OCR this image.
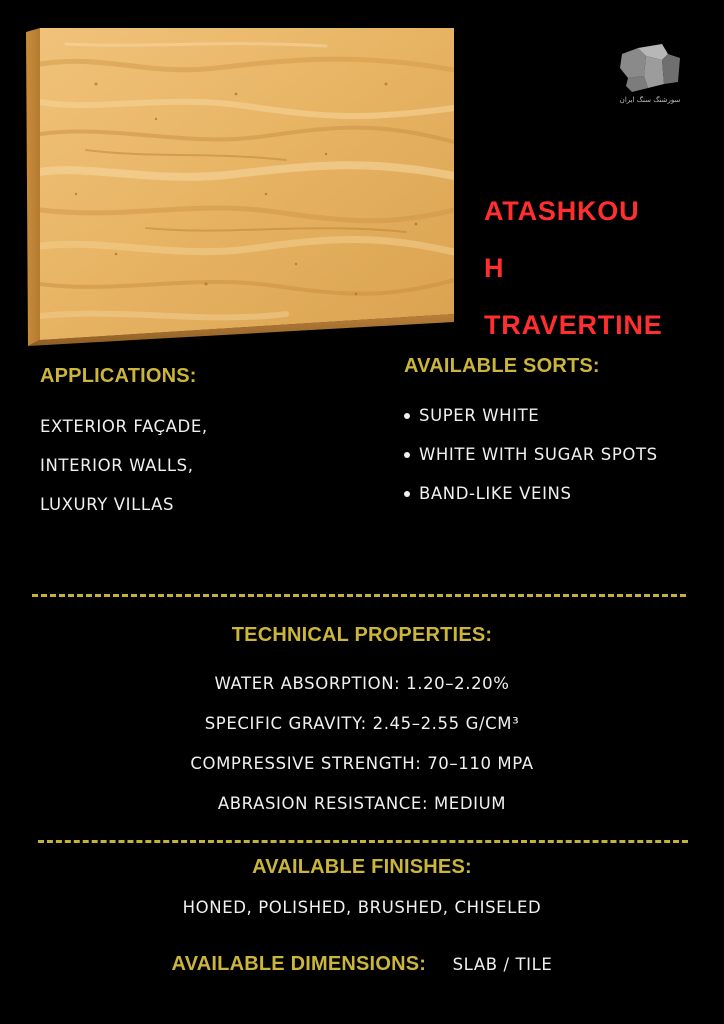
سورشنگ سنگ ایران
ATASHKOU
H
TRAVERTINE
APPLICATIONS:
EXTERIOR FAÇADE,
INTERIOR WALLS,
LUXURY VILLAS
AVAILABLE SORTS:
SUPER WHITE
WHITE WITH SUGAR SPOTS
BAND-LIKE VEINS
TECHNICAL PROPERTIES:
WATER ABSORPTION: 1.20–2.20%
SPECIFIC GRAVITY: 2.45–2.55 G/CM³
COMPRESSIVE STRENGTH: 70–110 MPA
ABRASION RESISTANCE: MEDIUM
AVAILABLE FINISHES:
HONED, POLISHED, BRUSHED, CHISELED
AVAILABLE DIMENSIONS: SLAB / TILE
